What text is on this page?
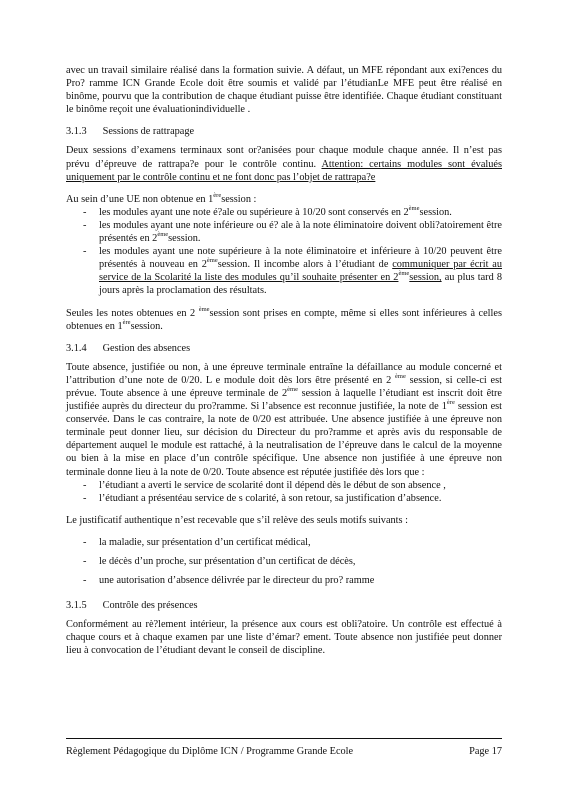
avec un travail similaire réalisé dans la formation suivie. A défaut, un MFE répondant aux exi?ences du Pro? ramme ICN Grande Ecole doit être soumis et validé par l’étudianLe MFE peut être réalisé en binôme, pourvu que la contribution de chaque étudiant puisse être identifiée. Chaque étudiant constituant le binôme reçoit une évaluationindividuelle .

3.1.3 Sessions de rattrapage

Deux sessions d’examens terminaux sont or?anisées pour chaque module chaque année. Il n’est pas prévu d’épreuve de rattrapa?e pour le contrôle continu. Attention: certains modules sont évalués uniquement par le contrôle continu et ne font donc pas l’objet de rattrapa?e

Au sein d’une UE non obtenue en 1èresession :

- les modules ayant une note é?ale ou supérieure à 10/20 sont conservés en 2èmesession.
- les modules ayant une note inférieure ou é? ale à la note éliminatoire doivent obli?atoirement être présentés en 2èmesession.
- les modules ayant une note supérieure à la note éliminatoire et inférieure à 10/20 peuvent être présentés à nouveau en 2èmesession. Il incombe alors à l’étudiant de communiquer par écrit au service de la Scolarité la liste des modules qu’il souhaite présenter en 2èmesession, au plus tard 8 jours après la proclamation des résultats.

Seules les notes obtenues en 2 $^{ème}$session sont prises en compte, même si elles sont inférieures à celles obtenues en 1èresession.

3.1.4 Gestion des absences

Toute absence, justifiée ou non, à une épreuve terminale entraîne la défaillance au module concerné et l’attribution d’une note de 0/20. L e module doit dès lors être présenté en 2 $^{ème}$ session, si celle-ci est prévue. Toute absence à une épreuve terminale de 2ème session à laquelle l’étudiant est inscrit doit être justifiée auprès du directeur du pro?ramme. Si l’absence est reconnue justifiée, la note de 1ère session est conservée. Dans le cas contraire, la note de 0/20 est attribuée. Une absence justifiée à une épreuve non terminale peut donner lieu, sur décision du Directeur du pro?ramme et après avis du responsable de département auquel le module est rattaché, à la neutralisation de l’épreuve dans le calcul de la moyenne ou bien à la mise en place d’un contrôle spécifique. Une absence non justifiée à une épreuve non terminale donne lieu à la note de 0/20. Toute absence est réputée justifiée dès lors que :

- l’étudiant a averti le service de scolarité dont il dépend dès le début de son absence ,
- l’étudiant a présentéau service de s colarité, à son retour, sa justification d’absence.

Le justificatif authentique n’est recevable que s’il relève des seuls motifs suivants :

- la maladie, sur présentation d’un certificat médical,
- le décès d’un proche, sur présentation d’un certificat de décès,
- une autorisation d’absence délivrée par le directeur du pro? ramme
3.1.5 Contrôle des présences

Conformément au rè?lement intérieur, la présence aux cours est obli?atoire. Un contrôle est effectué à chaque cours et à chaque examen par une liste d’émar? ement. Toute absence non justifiée peut donner lieu à convocation de l’étudiant devant le conseil de discipline.

Règlement Pédagogique du Diplôme ICN / Programme Grande Ecole	Page 17
